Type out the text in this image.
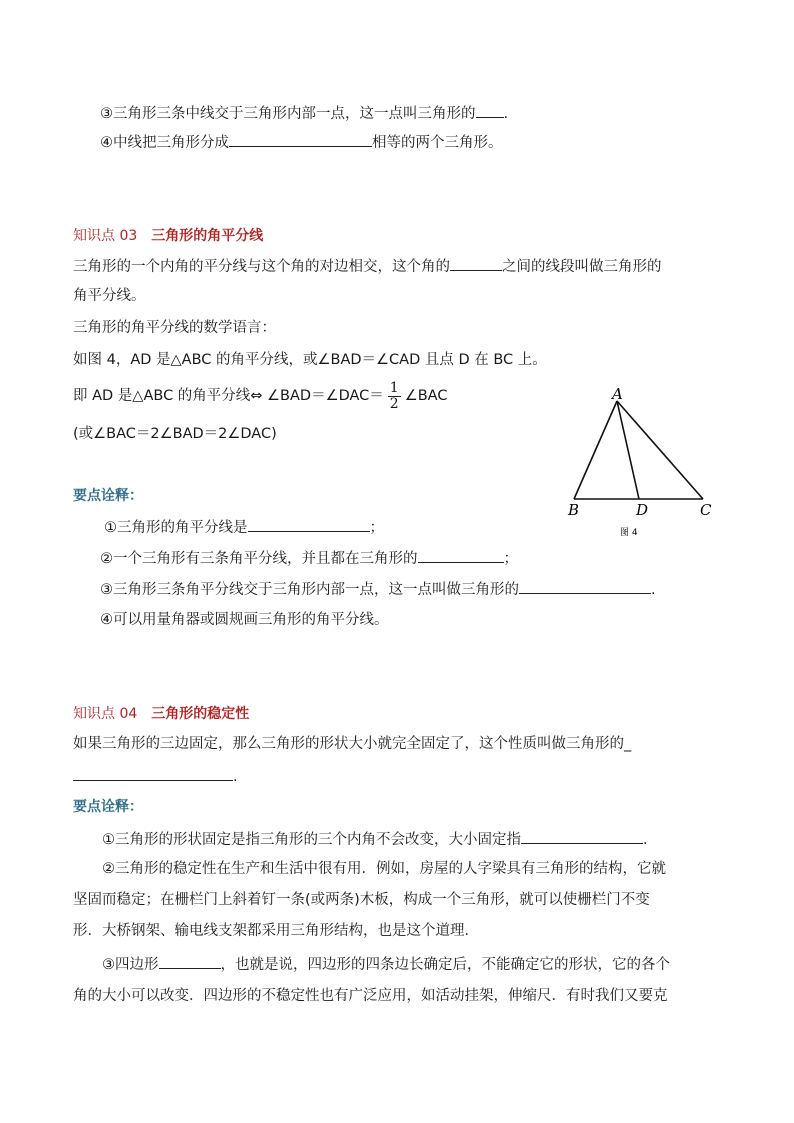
③三角形三条中线交于三角形内部一点，这一点叫三角形的 .
④中线把三角形分成	相等的两个三角形。
知识点 03 三角形的角平分线
三角形的一个内角的平分线与这个角的对边相交，这个角的	之间的线段叫做三角形的
角平分线。
三角形的角平分线的数学语言：
如图 4，AD 是△ABC 的角平分线，或∠BAD＝∠CAD 且点 D 在 BC 上。
即 AD 是△ABC 的角平分线⇔ ∠BAD＝∠DAC＝ $\frac{1}{2}$ ∠BAC
(或∠BAC＝2∠BAD＝2∠DAC)
要点诠释：
①三角形的角平分线是	；
②一个三角形有三条角平分线，并且都在三角形的	；
③三角形三条角平分线交于三角形内部一点，这一点叫做三角形的	.
④可以用量角器或圆规画三角形的角平分线。
A
B	C
D
图 4
知识点 04 三角形的稳定性
如果三角形的三边固定，那么三角形的形状大小就完全固定了，这个性质叫做三角形的_
.
要点诠释：
①三角形的形状固定是指三角形的三个内角不会改变，大小固定指	.
②三角形的稳定性在生产和生活中很有用．例如，房屋的人字梁具有三角形的结构，它就
坚固而稳定；在栅栏门上斜着钉一条(或两条)木板，构成一个三角形，就可以使栅栏门不变
形．大桥钢架、输电线支架都采用三角形结构，也是这个道理．
③四边形	，也就是说，四边形的四条边长确定后，不能确定它的形状，它的各个
角的大小可以改变．四边形的不稳定性也有广泛应用，如活动挂架，伸缩尺．有时我们又要克
